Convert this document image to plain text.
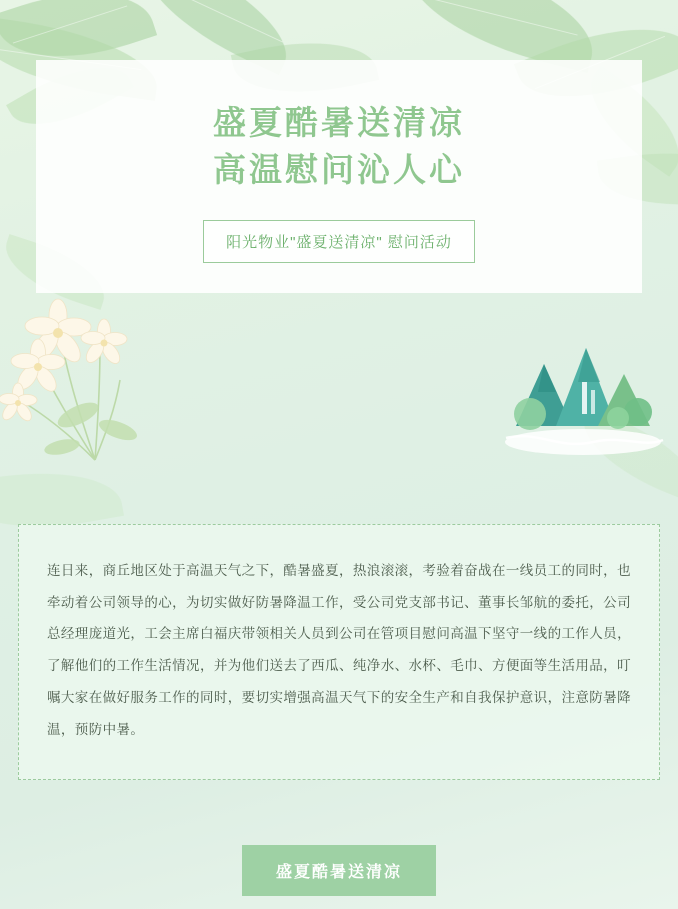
盛夏酷暑送清凉
高温慰问沁人心
阳光物业"盛夏送清凉" 慰问活动

连日来，商丘地区处于高温天气之下，酷暑盛夏，热浪滚滚，考验着奋战在一线员工的同时，也牵动着公司领导的心，为切实做好防暑降温工作，受公司党支部书记、董事长邹航的委托，公司总经理庞道光，工会主席白福庆带领相关人员到公司在管项目慰问高温下坚守一线的工作人员，了解他们的工作生活情况，并为他们送去了西瓜、纯净水、水杯、毛巾、方便面等生活用品，叮嘱大家在做好服务工作的同时，要切实增强高温天气下的安全生产和自我保护意识，注意防暑降温，预防中暑。

盛夏酷暑送清凉
